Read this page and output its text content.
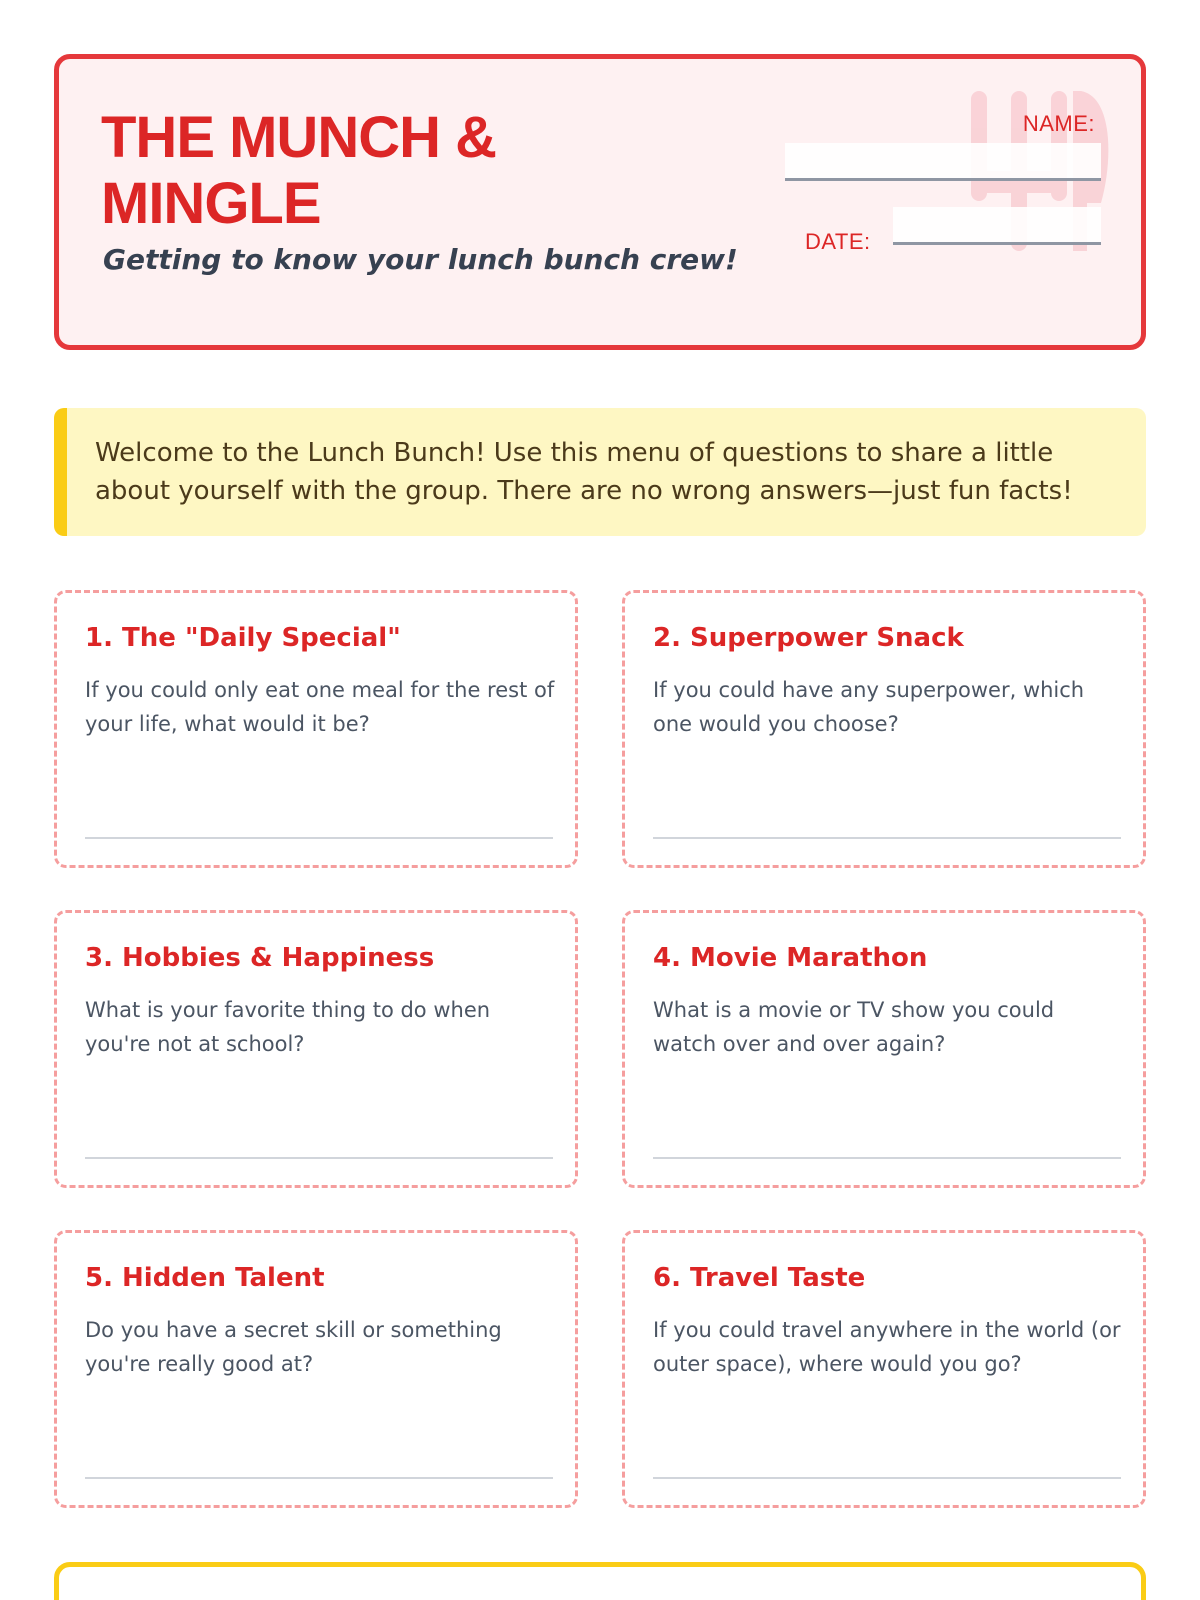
THE MUNCH & MINGLE
Getting to know your lunch bunch crew!
NAME:
DATE:

Welcome to the Lunch Bunch! Use this menu of questions to share a little about yourself with the group. There are no wrong answers—just fun facts!

1. The "Daily Special"
If you could only eat one meal for the rest of your life, what would it be?
2. Superpower Snack
If you could have any superpower, which one would you choose?
3. Hobbies & Happiness
What is your favorite thing to do when you're not at school?
4. Movie Marathon
What is a movie or TV show you could watch over and over again?
5. Hidden Talent
Do you have a secret skill or something you're really good at?
6. Travel Taste
If you could travel anywhere in the world (or outer space), where would you go?
